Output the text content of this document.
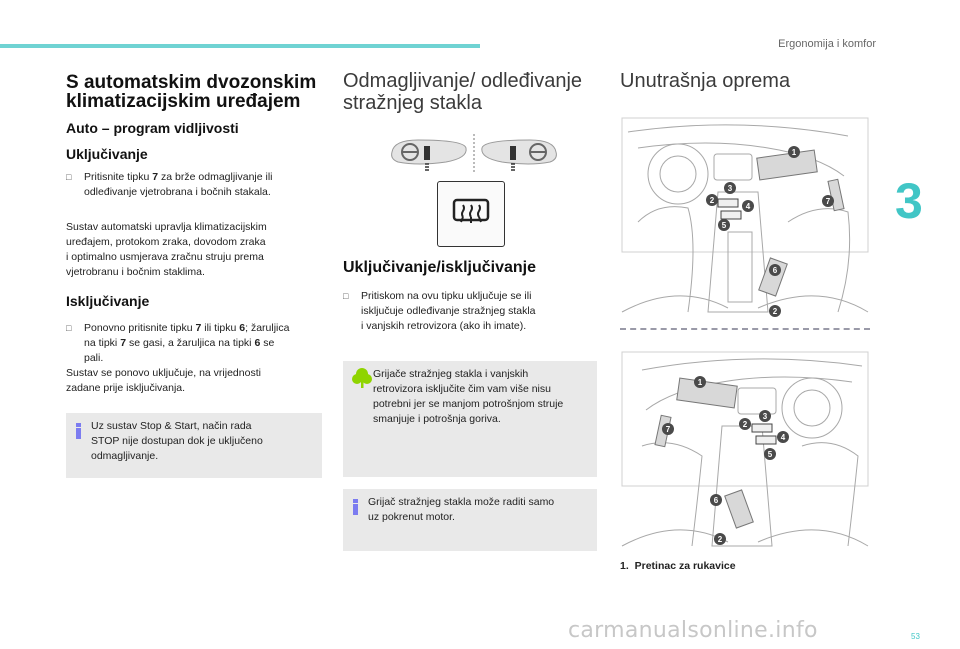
Ergonomija i komfor
3
53
S automatskim dvozonskim
klimatizacijskim uređajem
Auto – program vidljivosti
Uključivanje
□ Pritisnite tipku 7 za brže odmagljivanje ili
odleđivanje vjetrobrana i bočnih stakala.
Sustav automatski upravlja klimatizacijskim
uređajem, protokom zraka, dovodom zraka
i optimalno usmjerava zračnu struju prema
vjetrobranu i bočnim staklima.
Isključivanje
□ Ponovno pritisnite tipku 7 ili tipku 6; žaruljica
na tipki 7 se gasi, a žaruljica na tipki 6 se
pali.
Sustav se ponovo uključuje, na vrijednosti
zadane prije isključivanja.
Uz sustav Stop & Start, način rada
STOP nije dostupan dok je uključeno
odmagljivanje.
Odmagljivanje/ odleđivanje
stražnjeg stakla
Uključivanje/isključivanje
□ Pritiskom na ovu tipku uključuje se ili
isključuje odleđivanje stražnjeg stakla
i vanjskih retrovizora (ako ih imate).
Grijače stražnjeg stakla i vanjskih
retrovizora isključite čim vam više nisu
potrebni jer se manjom potrošnjom struje
smanjuje i potrošnja goriva.
Grijač stražnjeg stakla može raditi samo
uz pokrenut motor.
Unutrašnja oprema
1
2
3
4
5
6
7
2
1
2
3
4
5
6
7
2
1. Pretinac za rukavice
carmanualsonline.info
